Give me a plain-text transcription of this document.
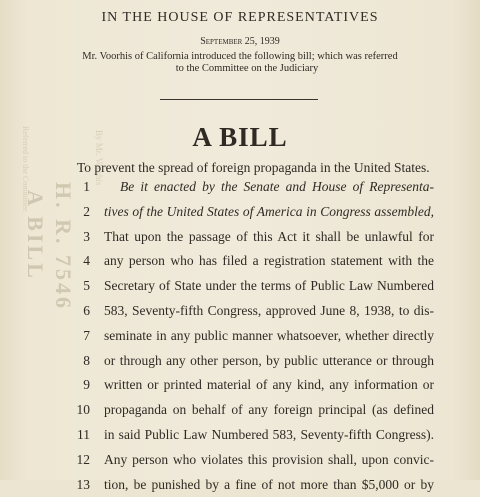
Referred to the Committee
A BILL H. R. 7546
By Mr. Voorhis
IN THE HOUSE OF REPRESENTATIVES
September 25, 1939
Mr. Voorhis of California introduced the following bill; which was referred
to the Committee on the Judiciary
A BILL
To prevent the spread of foreign propaganda in the United States.
1 Be it enacted by the Senate and House of Representa-
2 tives of the United States of America in Congress assembled,
3 That upon the passage of this Act it shall be unlawful for
4 any person who has filed a registration statement with the
5 Secretary of State under the terms of Public Law Numbered
6 583, Seventy-fifth Congress, approved June 8, 1938, to dis-
7 seminate in any public manner whatsoever, whether directly
8 or through any other person, by public utterance or through
9 written or printed material of any kind, any information or
10 propaganda on behalf of any foreign principal (as defined
11 in said Public Law Numbered 583, Seventy-fifth Congress).
12 Any person who violates this provision shall, upon convic-
13 tion, be punished by a fine of not more than $5,000 or by
